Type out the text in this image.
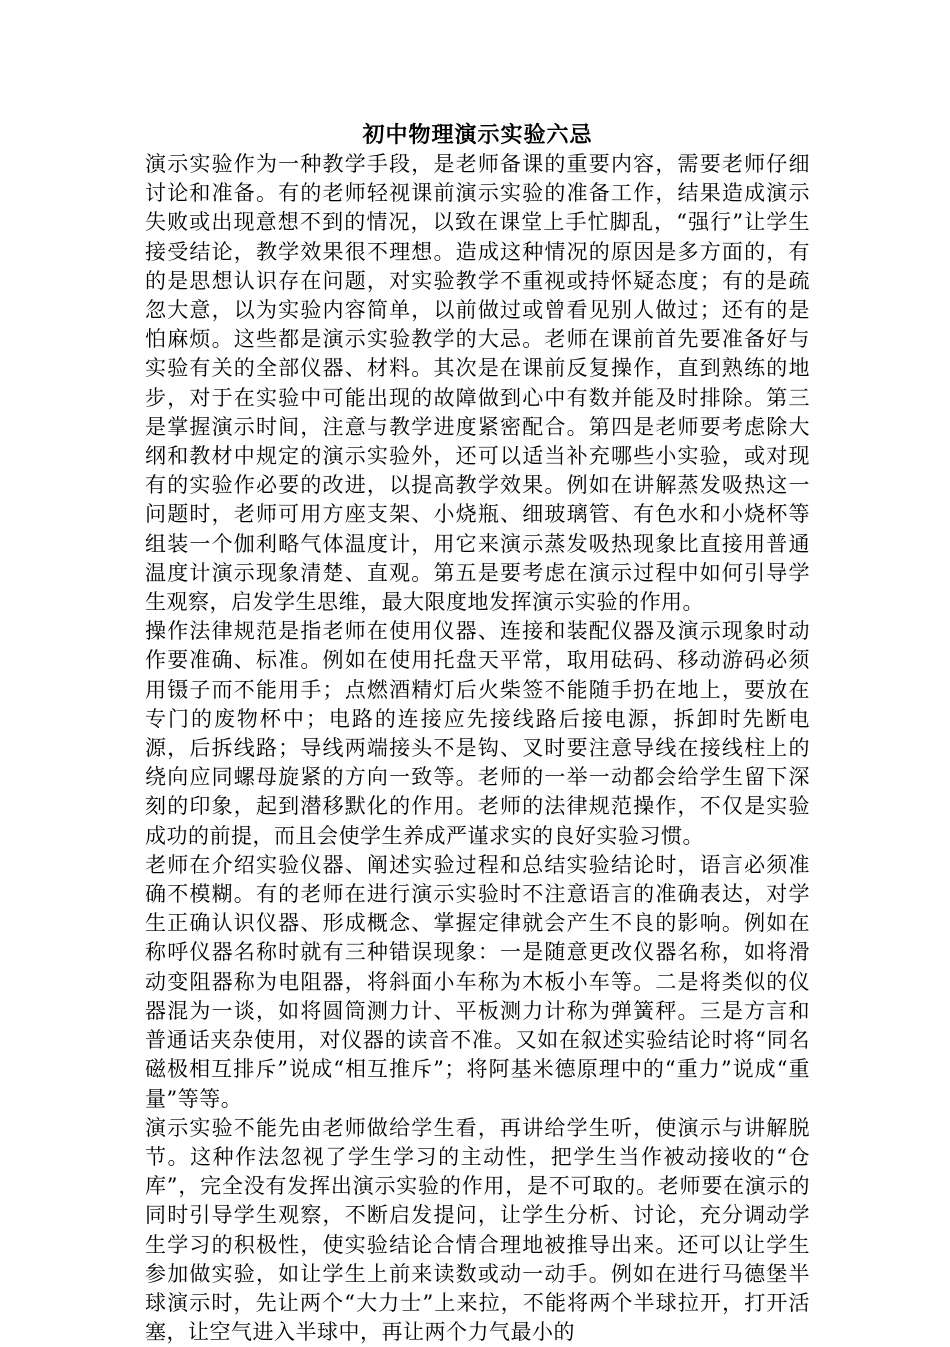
初中物理演示实验六忌

演示实验作为一种教学手段，是老师备课的重要内容，需要老师仔细讨论和准备。有的老师轻视课前演示实验的准备工作，结果造成演示失败或出现意想不到的情况，以致在课堂上手忙脚乱，“强行”让学生接受结论，教学效果很不理想。造成这种情况的原因是多方面的，有的是思想认识存在问题，对实验教学不重视或持怀疑态度；有的是疏忽大意，以为实验内容简单，以前做过或曾看见别人做过；还有的是怕麻烦。这些都是演示实验教学的大忌。老师在课前首先要准备好与实验有关的全部仪器、材料。其次是在课前反复操作，直到熟练的地步，对于在实验中可能出现的故障做到心中有数并能及时排除。第三是掌握演示时间，注意与教学进度紧密配合。第四是老师要考虑除大纲和教材中规定的演示实验外，还可以适当补充哪些小实验，或对现有的实验作必要的改进，以提高教学效果。例如在讲解蒸发吸热这一问题时，老师可用方座支架、小烧瓶、细玻璃管、有色水和小烧杯等组装一个伽利略气体温度计，用它来演示蒸发吸热现象比直接用普通温度计演示现象清楚、直观。第五是要考虑在演示过程中如何引导学生观察，启发学生思维，最大限度地发挥演示实验的作用。

操作法律规范是指老师在使用仪器、连接和装配仪器及演示现象时动作要准确、标准。例如在使用托盘天平常，取用砝码、移动游码必须用镊子而不能用手；点燃酒精灯后火柴签不能随手扔在地上，要放在专门的废物杯中；电路的连接应先接线路后接电源，拆卸时先断电源，后拆线路；导线两端接头不是钩、叉时要注意导线在接线柱上的绕向应同螺母旋紧的方向一致等。老师的一举一动都会给学生留下深刻的印象，起到潜移默化的作用。老师的法律规范操作，不仅是实验成功的前提，而且会使学生养成严谨求实的良好实验习惯。

老师在介绍实验仪器、阐述实验过程和总结实验结论时，语言必须准确不模糊。有的老师在进行演示实验时不注意语言的准确表达，对学生正确认识仪器、形成概念、掌握定律就会产生不良的影响。例如在称呼仪器名称时就有三种错误现象：一是随意更改仪器名称，如将滑动变阻器称为电阻器，将斜面小车称为木板小车等。二是将类似的仪器混为一谈，如将圆筒测力计、平板测力计称为弹簧秤。三是方言和普通话夹杂使用，对仪器的读音不准。又如在叙述实验结论时将“同名磁极相互排斥”说成“相互推斥”；将阿基米德原理中的“重力”说成“重量”等等。

演示实验不能先由老师做给学生看，再讲给学生听，使演示与讲解脱节。这种作法忽视了学生学习的主动性，把学生当作被动接收的“仓库”，完全没有发挥出演示实验的作用，是不可取的。老师要在演示的同时引导学生观察，不断启发提问，让学生分析、讨论，充分调动学生学习的积极性，使实验结论合情合理地被推导出来。还可以让学生参加做实验，如让学生上前来读数或动一动手。例如在进行马德堡半球演示时，先让两个“大力士”上来拉，不能将两个半球拉开，打开活塞，让空气进入半球中，再让两个力气最小的
